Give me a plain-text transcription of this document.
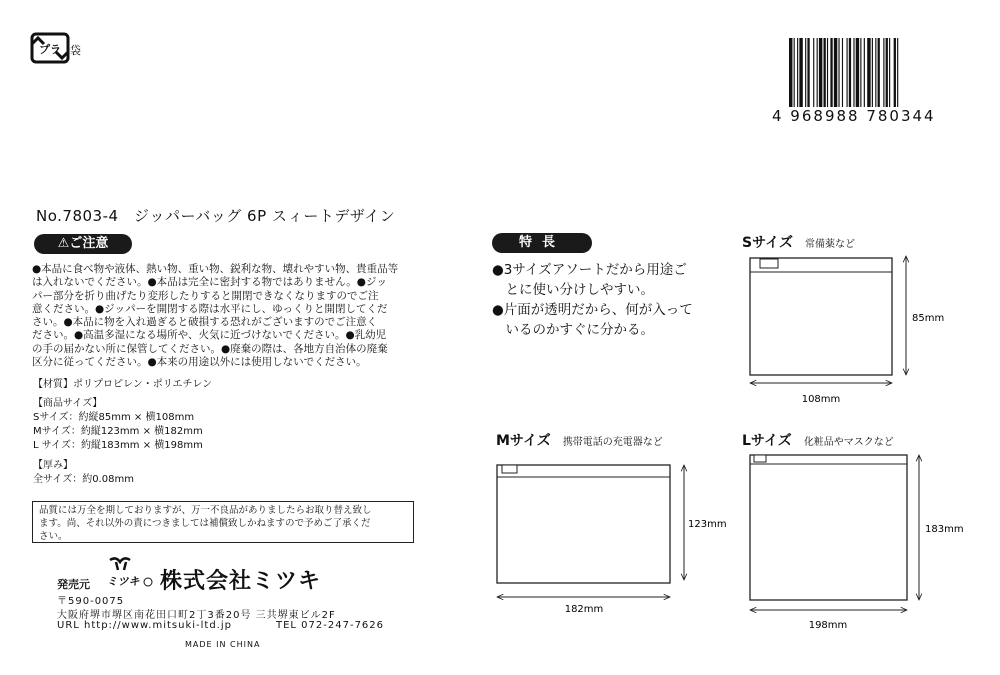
プラ 袋
4 968988 780344
No.7803-4　ジッパーバッグ 6P スィートデザイン
⚠ご注意
●本品に食べ物や液体、熱い物、重い物、鋭利な物、壊れやすい物、貴重品等
は入れないでください。●本品は完全に密封する物ではありません。●ジッ
パー部分を折り曲げたり変形したりすると開閉できなくなりますのでご注
意ください。●ジッパーを開閉する際は水平にし、ゆっくりと開閉してくだ
さい。●本品に物を入れ過ぎると破損する恐れがございますのでご注意く
ださい。●高温多湿になる場所や、火気に近づけないでください。●乳幼児
の手の届かない所に保管してください。●廃棄の際は、各地方自治体の廃棄
区分に従ってください。●本来の用途以外には使用しないでください。
【材質】ポリプロピレン・ポリエチレン
【商品サイズ】
Sサイズ：約縦85mm × 横108mm
Mサイズ：約縦123mm × 横182mm
L サイズ：約縦183mm × 横198mm
【厚み】
全サイズ：約0.08mm
品質には万全を期しておりますが、万一不良品がありましたらお取り替え致し
ます。尚、それ以外の責につきましては補償致しかねますので予めご了承くだ
さい。
発売元 ミツキ 株式会社ミツキ
〒590-0075
大阪府堺市堺区南花田口町2丁3番20号 三共堺東ビル2F
URL http://www.mitsuki-ltd.jp	TEL 072-247-7626
MADE IN CHINA
特長
●3サイズアソートだから用途ご
　とに使い分けしやすい。
●片面が透明だから、何が入って
　いるのかすぐに分かる。
Sサイズ 常備薬など
Mサイズ 携帯電話の充電器など	Lサイズ 化粧品やマスクなど
85mm
108mm
123mm
182mm
183mm
198mm
